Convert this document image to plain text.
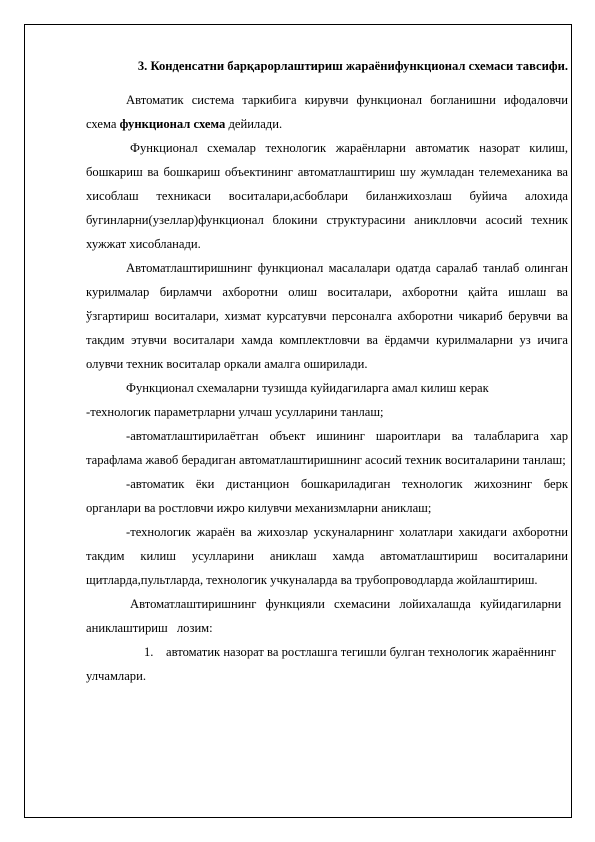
3. Конденсатни барқарорлаштириш жараёнифункционал схемаси тавсифи.

Автоматик система таркибига кирувчи функционал богланишни ифодаловчи схема функционал схема дейилади.

Функционал схемалар технологик жараёнларни автоматик назорат килиш, бошкариш ва бошкариш объектининг автоматлаштириш шу жумладан телемеханика ва хисоблаш техникаси воситалари,асбоблари биланжихозлаш буйича алохида бугинларни(узеллар)функционал блокини структурасини аниклловчи асосий техник хужжат хисобланади.

Автоматлаштиришнинг функционал масалалари одатда саралаб танлаб олинган курилмалар бирламчи ахборотни олиш воситалари, ахборотни қайта ишлаш ва ўзгартириш воситалари, хизмат курсатувчи персоналга ахборотни чикариб берувчи ва такдим этувчи воситалари хамда комплектловчи ва ёрдамчи курилмаларни уз ичига олувчи техник воситалар оркали амалга оширилади.

Функционал схемаларни тузишда куйидагиларга амал килиш керак

-технологик параметрларни улчаш усулларини танлаш;

-автоматлаштирилаётган объект ишининг шароитлари ва талабларига хар тарафлама жавоб берадиган автоматлаштиришнинг асосий техник воситаларини танлаш;

-автоматик ёки дистанцион бошкариладиган технологик жихознинг берк органлари ва ростловчи ижро килувчи механизмларни аниклаш;

-технологик жараён ва жихозлар ускуналарнинг холатлари хакидаги ахборотни такдим килиш усулларини аниклаш хамда автоматлаштириш воситаларини щитларда,пультларда, технологик учкуналарда ва трубопроводларда жойлаштириш.

Автоматлаштиришнинг функцияли схемасини лойихалашда куйидагиларни аниклаштириш лозим:

1. автоматик назорат ва ростлашга тегишли булган технологик жараённинг улчамлари.
